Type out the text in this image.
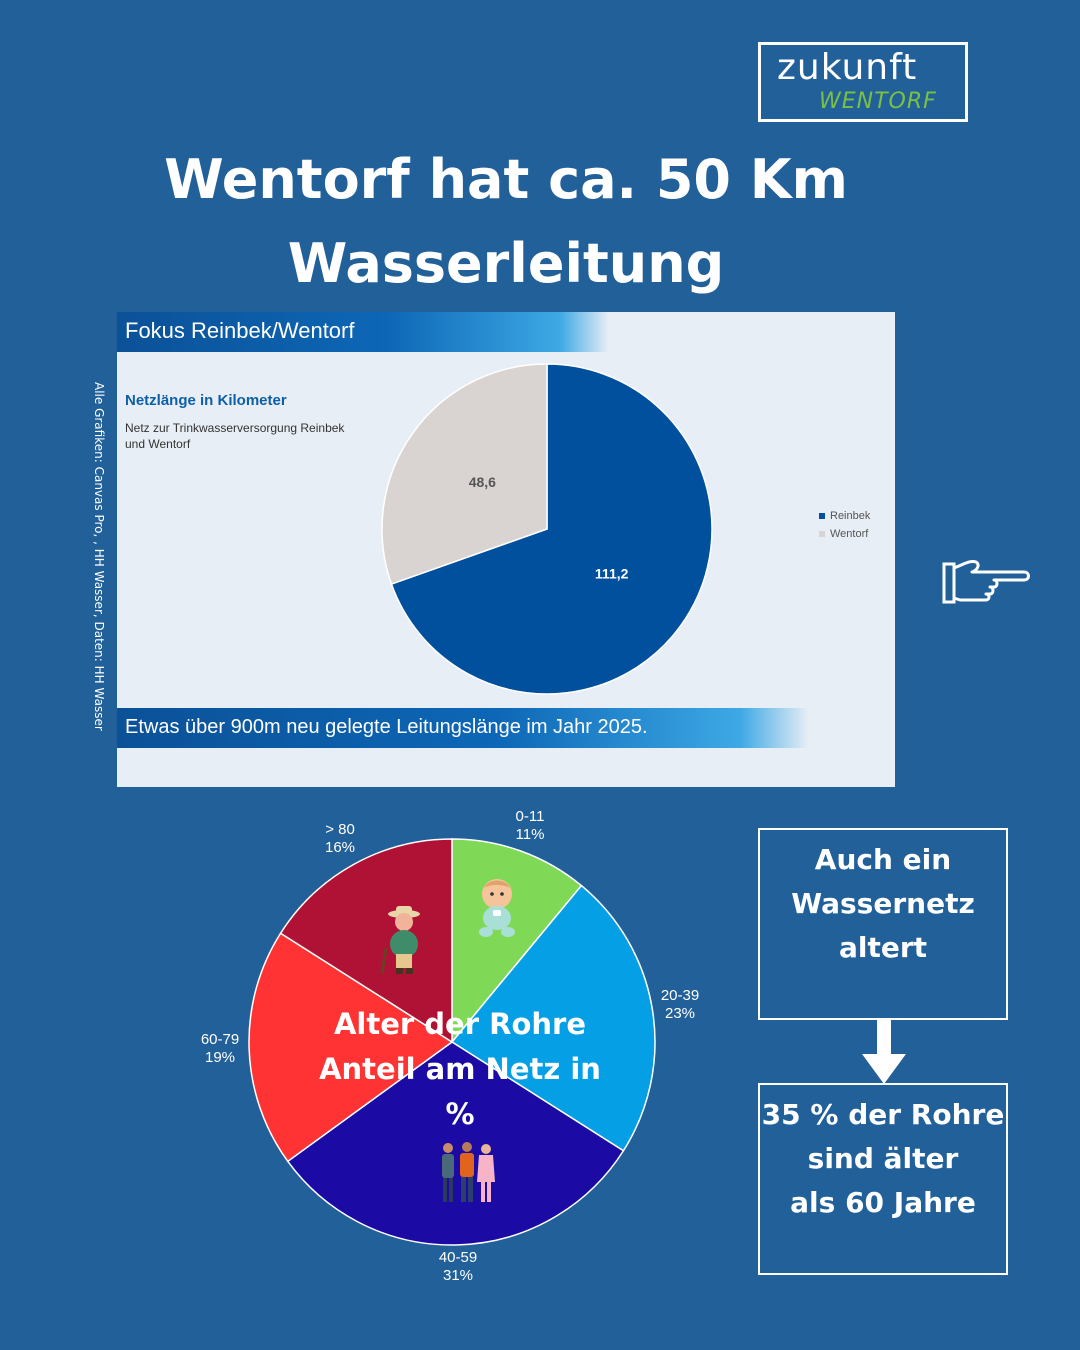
zukunft
WENTORF
Wentorf hat ca. 50 Km
Wasserleitung
Fokus Reinbek/Wentorf
Netzlänge in Kilometer
Netz zur Trinkwasserversorgung Reinbek und Wentorf
111,2
48,6
Reinbek
Wentorf
Etwas über 900m neu gelegte Leitungslänge im Jahr 2025.
Alle Grafiken: Canvas Pro, , HH Wasser, Daten: HH Wasser
0-11
11%
20-39
23%
40-59
31%
60-79
19%
> 80
16%
Alter der Rohre
Anteil am Netz in %
Auch ein
Wassernetz
altert
35 % der Rohre
sind älter
als 60 Jahre
